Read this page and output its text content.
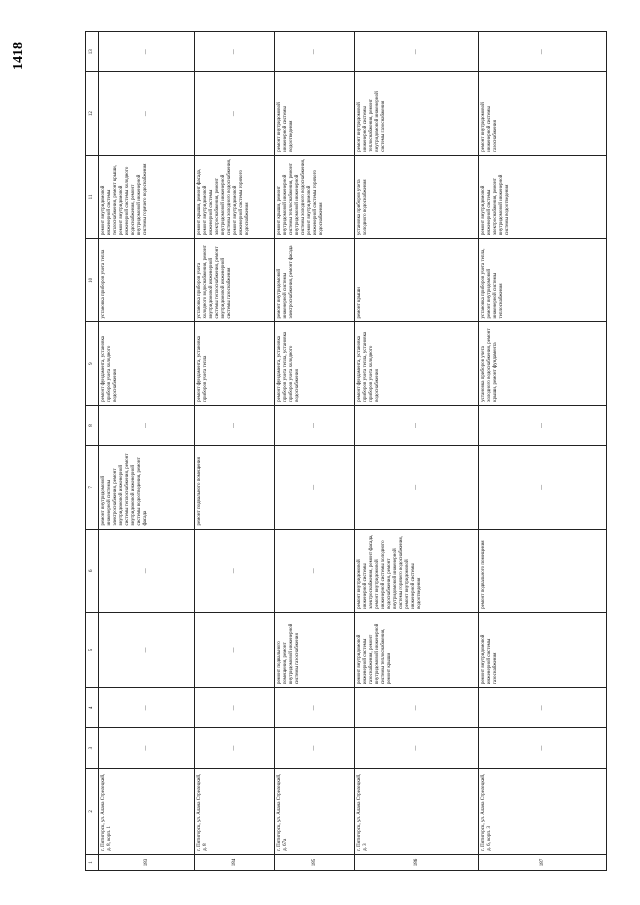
1418
1	2	3	4	5	6	7	8	9	10	11	12	13
183	г. Пятигорск, ул. Алана Стрелецкий, д. 8, корп. 1	—	—	—	—	ремонт внутридомовой инженерной системы электроснабжения, ремонт внутридомовой инженерной системы теплоснабжения, ремонт внутридомовой инженерной системы водоотведения, ремонт фасада	—	ремонт фундамента, установка приборов учета холодного водоснабжения	установка приборов учета тепла	ремонт внутридомовой инженерной системы теплоснабжения, ремонт крыши, ремонт внутридомовой инженерной системы холодного водоснабжения, ремонт внутридомовой инженерной системы горячего водоснабжения	—	—
184	г. Пятигорск, ул. Алана Стрелецкий, д. 8	—	—	—	—	ремонт подвального помещения	—	ремонт фундамента, установка приборов учета тепла	установка приборов учета холодного водоснабжения, ремонт внутридомовой инженерной системы теплоснабжения, ремонт внутридомовой инженерной системы газоснабжения	ремонт крыши, ремонт фасада, ремонт внутридомовой инженерной системы электроснабжения, ремонт внутридомовой инженерной системы холодного водоснабжения, ремонт внутридомовой инженерной системы горячего водоснабжения	—	—
185	г. Пятигорск, ул. Алана Стрелецкий, д. 67а	—	—	ремонт подвального помещения, ремонт внутридомовой инженерной системы газоснабжения	—	—	—	ремонт фундамента, установка приборов учета тепла, установка приборов учета холодного водоснабжения	ремонт внутридомовой инженерной системы электроснабжения, ремонт фасада	ремонт крыши, ремонт внутридомовой инженерной системы теплоснабжения, ремонт внутридомовой инженерной системы холодного водоснабжения, ремонт внутридомовой инженерной системы горячего водоснабжения	ремонт внутридомовой инженерной системы водоотведения	—
186	г. Пятигорск, ул. Алана Стрелецкий, д. 3	—	—	ремонт внутридомовой инженерной системы газоснабжения, ремонт внутридомовой инженерной системы теплоснабжения, ремонт крыши	ремонт внутридомовой инженерной системы электроснабжения, ремонт фасада, ремонт внутридомовой инженерной системы холодного водоснабжения, ремонт внутридомовой инженерной системы горячего водоснабжения, ремонт внутридомовой инженерной системы водоотведения	—	—	ремонт фундамента, установка приборов учета тепла, установка приборов учета холодного водоснабжения	ремонт крыши	установка приборов учета холодного водоснабжения	ремонт внутридомовой инженерной системы теплоснабжения, ремонт внутридомовой инженерной системы газоснабжения	—
187	г. Пятигорск, ул. Алана Стрелецкий, д. 6, корп. 3	—	—	ремонт внутридомовой инженерной системы газоснабжения	ремонт подвального помещения	—	—	установка приборов учета холодного водоснабжения, ремонт крыши, ремонт фундамента	установка приборов учета тепла, ремонт внутридомовой инженерной системы теплоснабжения	ремонт внутридомовой инженерной системы электроснабжения, ремонт внутридомовой инженерной системы водоотведения	ремонт внутридомовой инженерной системы газоснабжения	—
